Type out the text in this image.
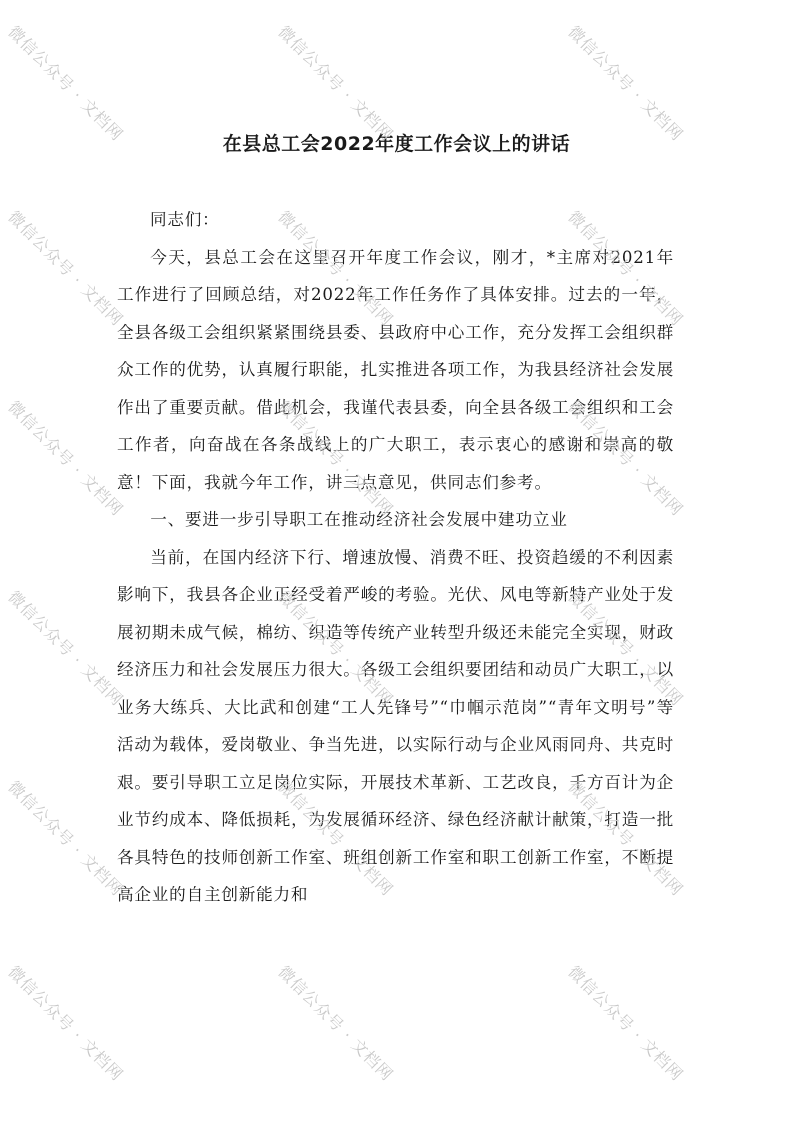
在县总工会2022年度工作会议上的讲话

同志们：

今天，县总工会在这里召开年度工作会议，刚才，*主席对2021年工作进行了回顾总结，对2022年工作任务作了具体安排。过去的一年，全县各级工会组织紧紧围绕县委、县政府中心工作，充分发挥工会组织群众工作的优势，认真履行职能，扎实推进各项工作，为我县经济社会发展作出了重要贡献。借此机会，我谨代表县委，向全县各级工会组织和工会工作者，向奋战在各条战线上的广大职工，表示衷心的感谢和崇高的敬意！下面，我就今年工作，讲三点意见，供同志们参考。

一、要进一步引导职工在推动经济社会发展中建功立业

当前，在国内经济下行、增速放慢、消费不旺、投资趋缓的不利因素影响下，我县各企业正经受着严峻的考验。光伏、风电等新特产业处于发展初期未成气候，棉纺、织造等传统产业转型升级还未能完全实现，财政经济压力和社会发展压力很大。各级工会组织要团结和动员广大职工，以业务大练兵、大比武和创建“工人先锋号”“巾帼示范岗”“青年文明号”等活动为载体，爱岗敬业、争当先进，以实际行动与企业风雨同舟、共克时艰。要引导职工立足岗位实际，开展技术革新、工艺改良，千方百计为企业节约成本、降低损耗，为发展循环经济、绿色经济献计献策，打造一批各具特色的技师创新工作室、班组创新工作室和职工创新工作室，不断提高企业的自主创新能力和

微信公众号 · 文档网	微信公众号 · 文档网	微信公众号 · 文档网
微信公众号 · 文档网	微信公众号 · 文档网	微信公众号 · 文档网
微信公众号 · 文档网	微信公众号 · 文档网	微信公众号 · 文档网
微信公众号 · 文档网	微信公众号 · 文档网	微信公众号 · 文档网
微信公众号 · 文档网	微信公众号 · 文档网	微信公众号 · 文档网
微信公众号 · 文档网	微信公众号 · 文档网	微信公众号 · 文档网
